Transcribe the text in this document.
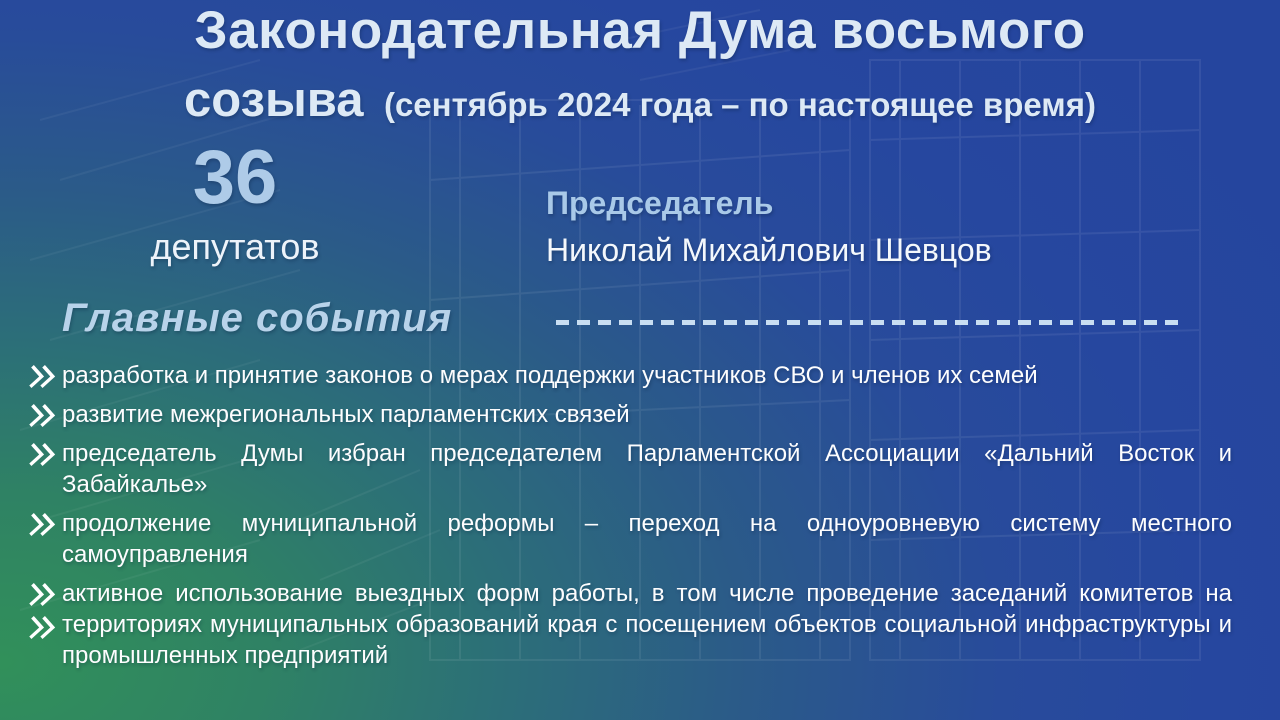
Законодательная Дума восьмого
созыва (сентябрь 2024 года – по настоящее время)
36
депутатов
Председатель
Николай Михайлович Шевцов
Главные события
разработка и принятие законов о мерах поддержки участников СВО и членов их семей
развитие межрегиональных парламентских связей
председатель Думы избран председателем Парламентской Ассоциации «Дальний Восток и Забайкалье»
продолжение муниципальной реформы – переход на одноуровневую систему местного самоуправления
активное использование выездных форм работы, в том числе проведение заседаний комитетов на территориях муниципальных образований края с посещением объектов социальной инфраструктуры и промышленных предприятий
